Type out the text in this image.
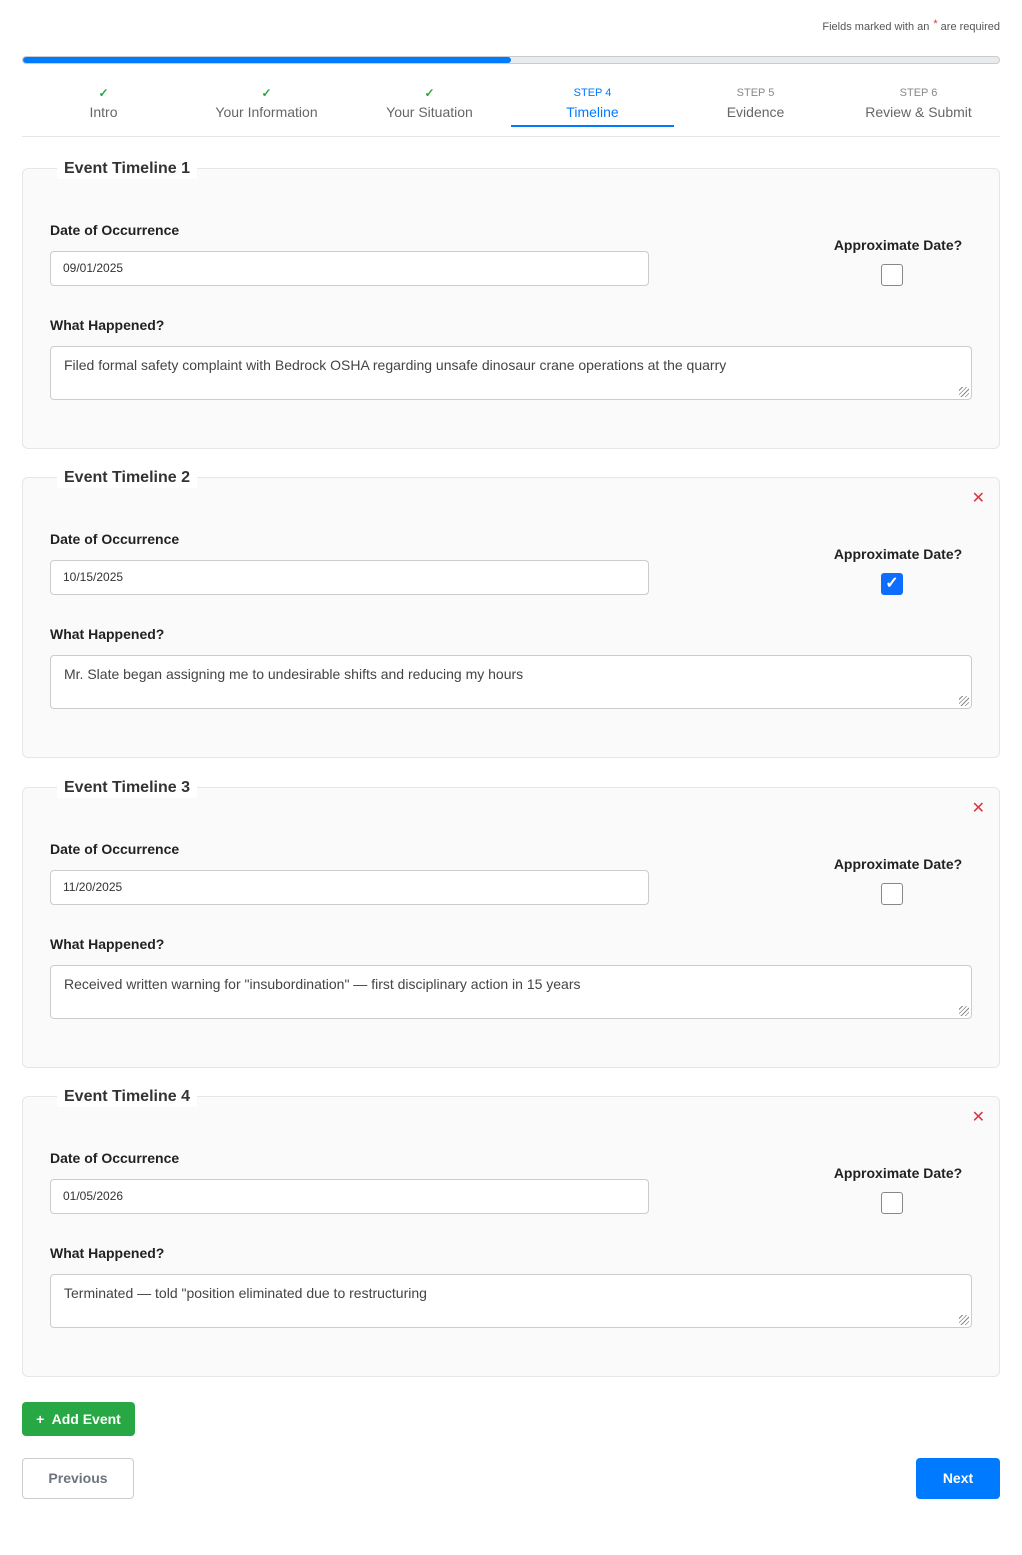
Fields marked with an * are required
✓
Intro
✓
Your Information
✓
Your Situation
STEP 4
Timeline
STEP 5
Evidence
STEP 6
Review & Submit
Event Timeline 1
Date of Occurrence
09/01/2025
Approximate Date?
What Happened?
Filed formal safety complaint with Bedrock OSHA regarding unsafe dinosaur crane operations at the quarry
Event Timeline 2
✕
Date of Occurrence
10/15/2025
Approximate Date?
✓
What Happened?
Mr. Slate began assigning me to undesirable shifts and reducing my hours
Event Timeline 3
✕
Date of Occurrence
11/20/2025
Approximate Date?
What Happened?
Received written warning for "insubordination" — first disciplinary action in 15 years
Event Timeline 4
✕
Date of Occurrence
01/05/2026
Approximate Date?
What Happened?
Terminated — told "position eliminated due to restructuring
+  Add Event
Previous	Next
